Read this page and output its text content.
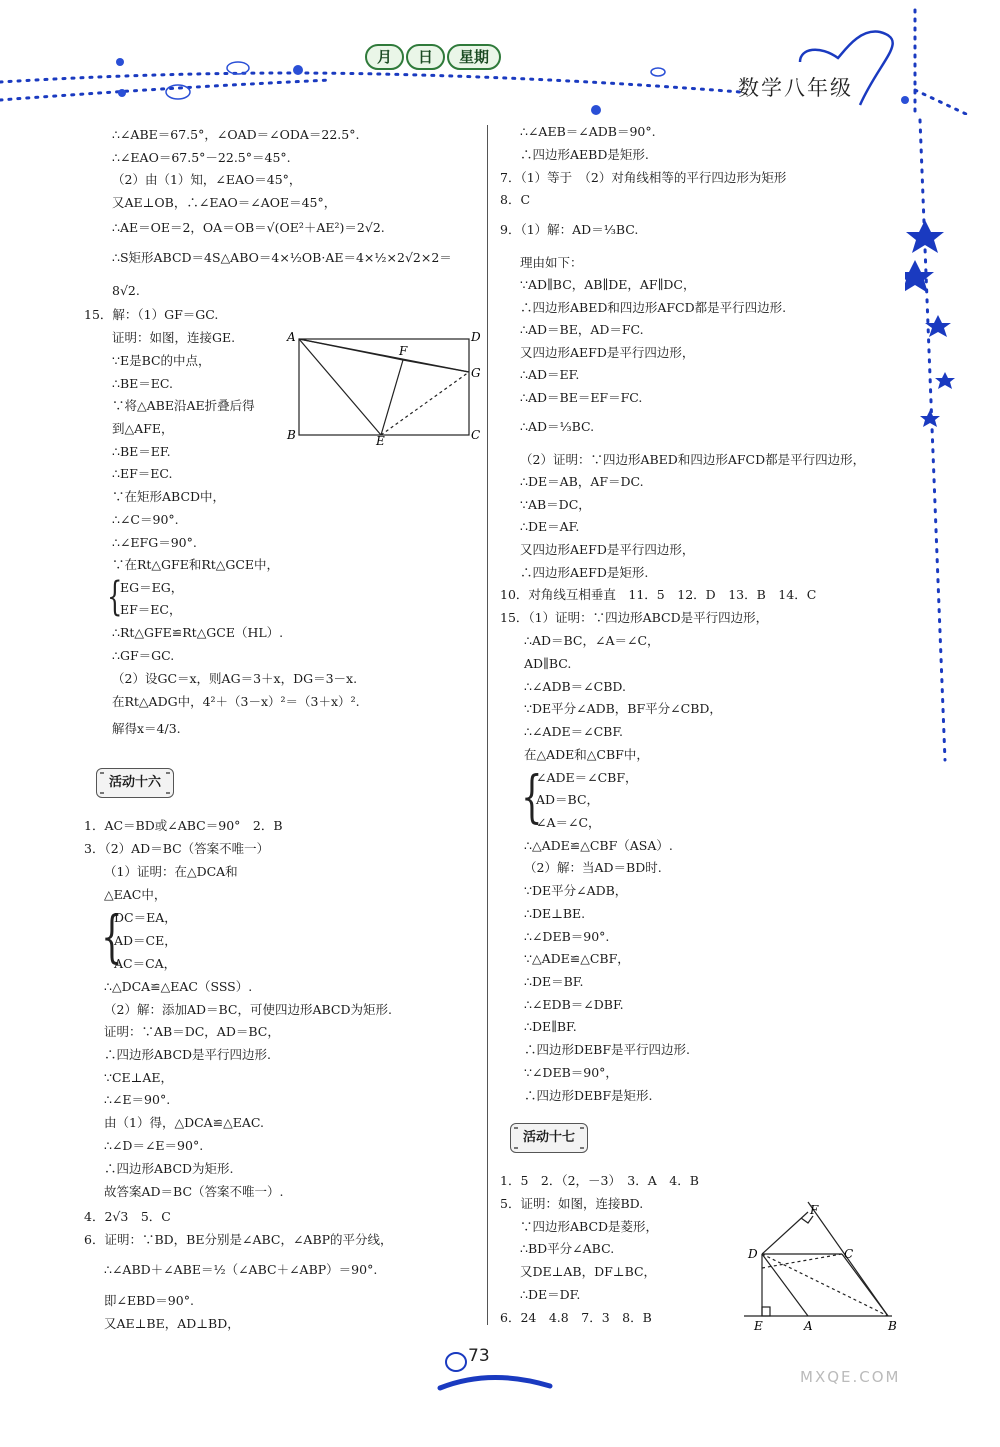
月	日	星期
数学八年级
∴∠ABE＝67.5°，∠OAD＝∠ODA＝22.5°.
∴∠EAO＝67.5°－22.5°＝45°.
（2）由（1）知，∠EAO＝45°，
又AE⊥OB，∴∠EAO＝∠AOE＝45°，
∴AE＝OE＝2，OA＝OB＝√(OE²＋AE²)＝2√2.
∴S矩形ABCD＝4S△ABO＝4×½OB·AE＝4×½×2√2×2＝
8√2.
15．解：（1）GF＝GC.
证明：如图，连接GE.
∵E是BC的中点，
∴BE＝EC.
∵将△ABE沿AE折叠后得
到△AFE，
∴BE＝EF.
∴EF＝EC.
∵在矩形ABCD中，
∴∠C＝90°.
∴∠EFG＝90°.
∵在Rt△GFE和Rt△GCE中，
{
EG＝EG，
EF＝EC，
∴Rt△GFE≌Rt△GCE（HL）.
∴GF＝GC.
（2）设GC＝x，则AG＝3＋x，DG＝3－x.
在Rt△ADG中，4²＋（3－x）²＝（3＋x）².
解得x＝4/3.
活动十六
1．AC＝BD或∠ABC＝90°　2．B
3．（2）AD＝BC（答案不唯一）
（1）证明：在△DCA和
△EAC中，
{
DC＝EA，
AD＝CE，
AC＝CA，
∴△DCA≌△EAC（SSS）.
（2）解：添加AD＝BC，可使四边形ABCD为矩形.
证明：∵AB＝DC，AD＝BC，
∴四边形ABCD是平行四边形.
∵CE⊥AE，
∴∠E＝90°.
由（1）得，△DCA≌△EAC.
∴∠D＝∠E＝90°.
∴四边形ABCD为矩形.
故答案AD＝BC（答案不唯一）.
4．2√3　5．C
6．证明：∵BD，BE分别是∠ABC，∠ABP的平分线，
∴∠ABD＋∠ABE＝½（∠ABC＋∠ABP）＝90°.
即∠EBD＝90°.
又AE⊥BE，AD⊥BD，
A	D
F
G
B	E	C
∴∠AEB＝∠ADB＝90°.
∴四边形AEBD是矩形.
7．（1）等于　（2）对角线相等的平行四边形为矩形
8．C
9．（1）解：AD＝⅓BC.
理由如下：
∵AD∥BC，AB∥DE，AF∥DC，
∴四边形ABED和四边形AFCD都是平行四边形.
∴AD＝BE，AD＝FC.
又四边形AEFD是平行四边形，
∴AD＝EF.
∴AD＝BE＝EF＝FC.
∴AD＝⅓BC.
（2）证明：∵四边形ABED和四边形AFCD都是平行四边形，
∴DE＝AB，AF＝DC.
∵AB＝DC，
∴DE＝AF.
又四边形AEFD是平行四边形，
∴四边形AEFD是矩形.
10．对角线互相垂直　11．5　12．D　13．B　14．C
15．（1）证明：∵四边形ABCD是平行四边形，
∴AD＝BC，∠A＝∠C，
AD∥BC.
∴∠ADB＝∠CBD.
∵DE平分∠ADB，BF平分∠CBD，
∴∠ADE＝∠CBF.
在△ADE和△CBF中，
{
∠ADE＝∠CBF，
AD＝BC，
∠A＝∠C，
∴△ADE≌△CBF（ASA）.
（2）解：当AD＝BD时.
∵DE平分∠ADB，
∴DE⊥BE.
∴∠DEB＝90°.
∵△ADE≌△CBF，
∴DE＝BF.
∴∠EDB＝∠DBF.
∴DE∥BF.
∴四边形DEBF是平行四边形.
∵∠DEB＝90°，
∴四边形DEBF是矩形.
活动十七
1．5　2．（2，－3）　3．A　4．B
5．证明：如图，连接BD.
∵四边形ABCD是菱形，
∴BD平分∠ABC.
又DE⊥AB，DF⊥BC，
∴DE＝DF.
6．24　4.8　7．3　8．B
F
D	C
E	A	B
73
MXQE.COM
